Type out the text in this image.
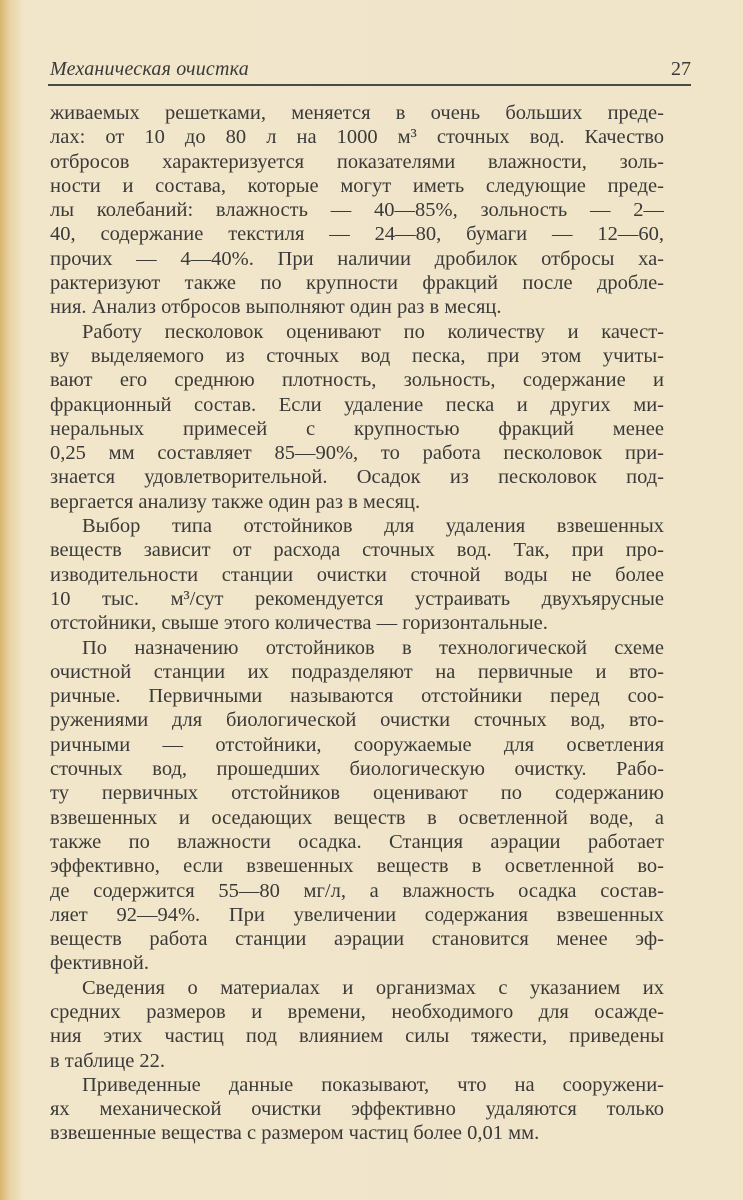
Механическая очистка	27

живаемых решетками, меняется в очень больших преде-
лах: от 10 до 80 л на 1000 м³ сточных вод. Качество
отбросов характеризуется показателями влажности, золь-
ности и состава, которые могут иметь следующие преде-
лы колебаний: влажность — 40—85%, зольность — 2—
40, содержание текстиля — 24—80, бумаги — 12—60,
прочих — 4—40%. При наличии дробилок отбросы ха-
рактеризуют также по крупности фракций после дробле-
ния. Анализ отбросов выполняют один раз в месяц.

Работу песколовок оценивают по количеству и качест-
ву выделяемого из сточных вод песка, при этом учиты-
вают его среднюю плотность, зольность, содержание и
фракционный состав. Если удаление песка и других ми-
неральных примесей с крупностью фракций менее
0,25 мм составляет 85—90%, то работа песколовок при-
знается удовлетворительной. Осадок из песколовок под-
вергается анализу также один раз в месяц.

Выбор типа отстойников для удаления взвешенных
веществ зависит от расхода сточных вод. Так, при про-
изводительности станции очистки сточной воды не более
10 тыс. м³/сут рекомендуется устраивать двухъярусные
отстойники, свыше этого количества — горизонтальные.

По назначению отстойников в технологической схеме
очистной станции их подразделяют на первичные и вто-
ричные. Первичными называются отстойники перед соо-
ружениями для биологической очистки сточных вод, вто-
ричными — отстойники, сооружаемые для осветления
сточных вод, прошедших биологическую очистку. Рабо-
ту первичных отстойников оценивают по содержанию
взвешенных и оседающих веществ в осветленной воде, а
также по влажности осадка. Станция аэрации работает
эффективно, если взвешенных веществ в осветленной во-
де содержится 55—80 мг/л, а влажность осадка состав-
ляет 92—94%. При увеличении содержания взвешенных
веществ работа станции аэрации становится менее эф-
фективной.

Сведения о материалах и организмах с указанием их
средних размеров и времени, необходимого для осажде-
ния этих частиц под влиянием силы тяжести, приведены
в таблице 22.

Приведенные данные показывают, что на сооружени-
ях механической очистки эффективно удаляются только
взвешенные вещества с размером частиц более 0,01 мм.
